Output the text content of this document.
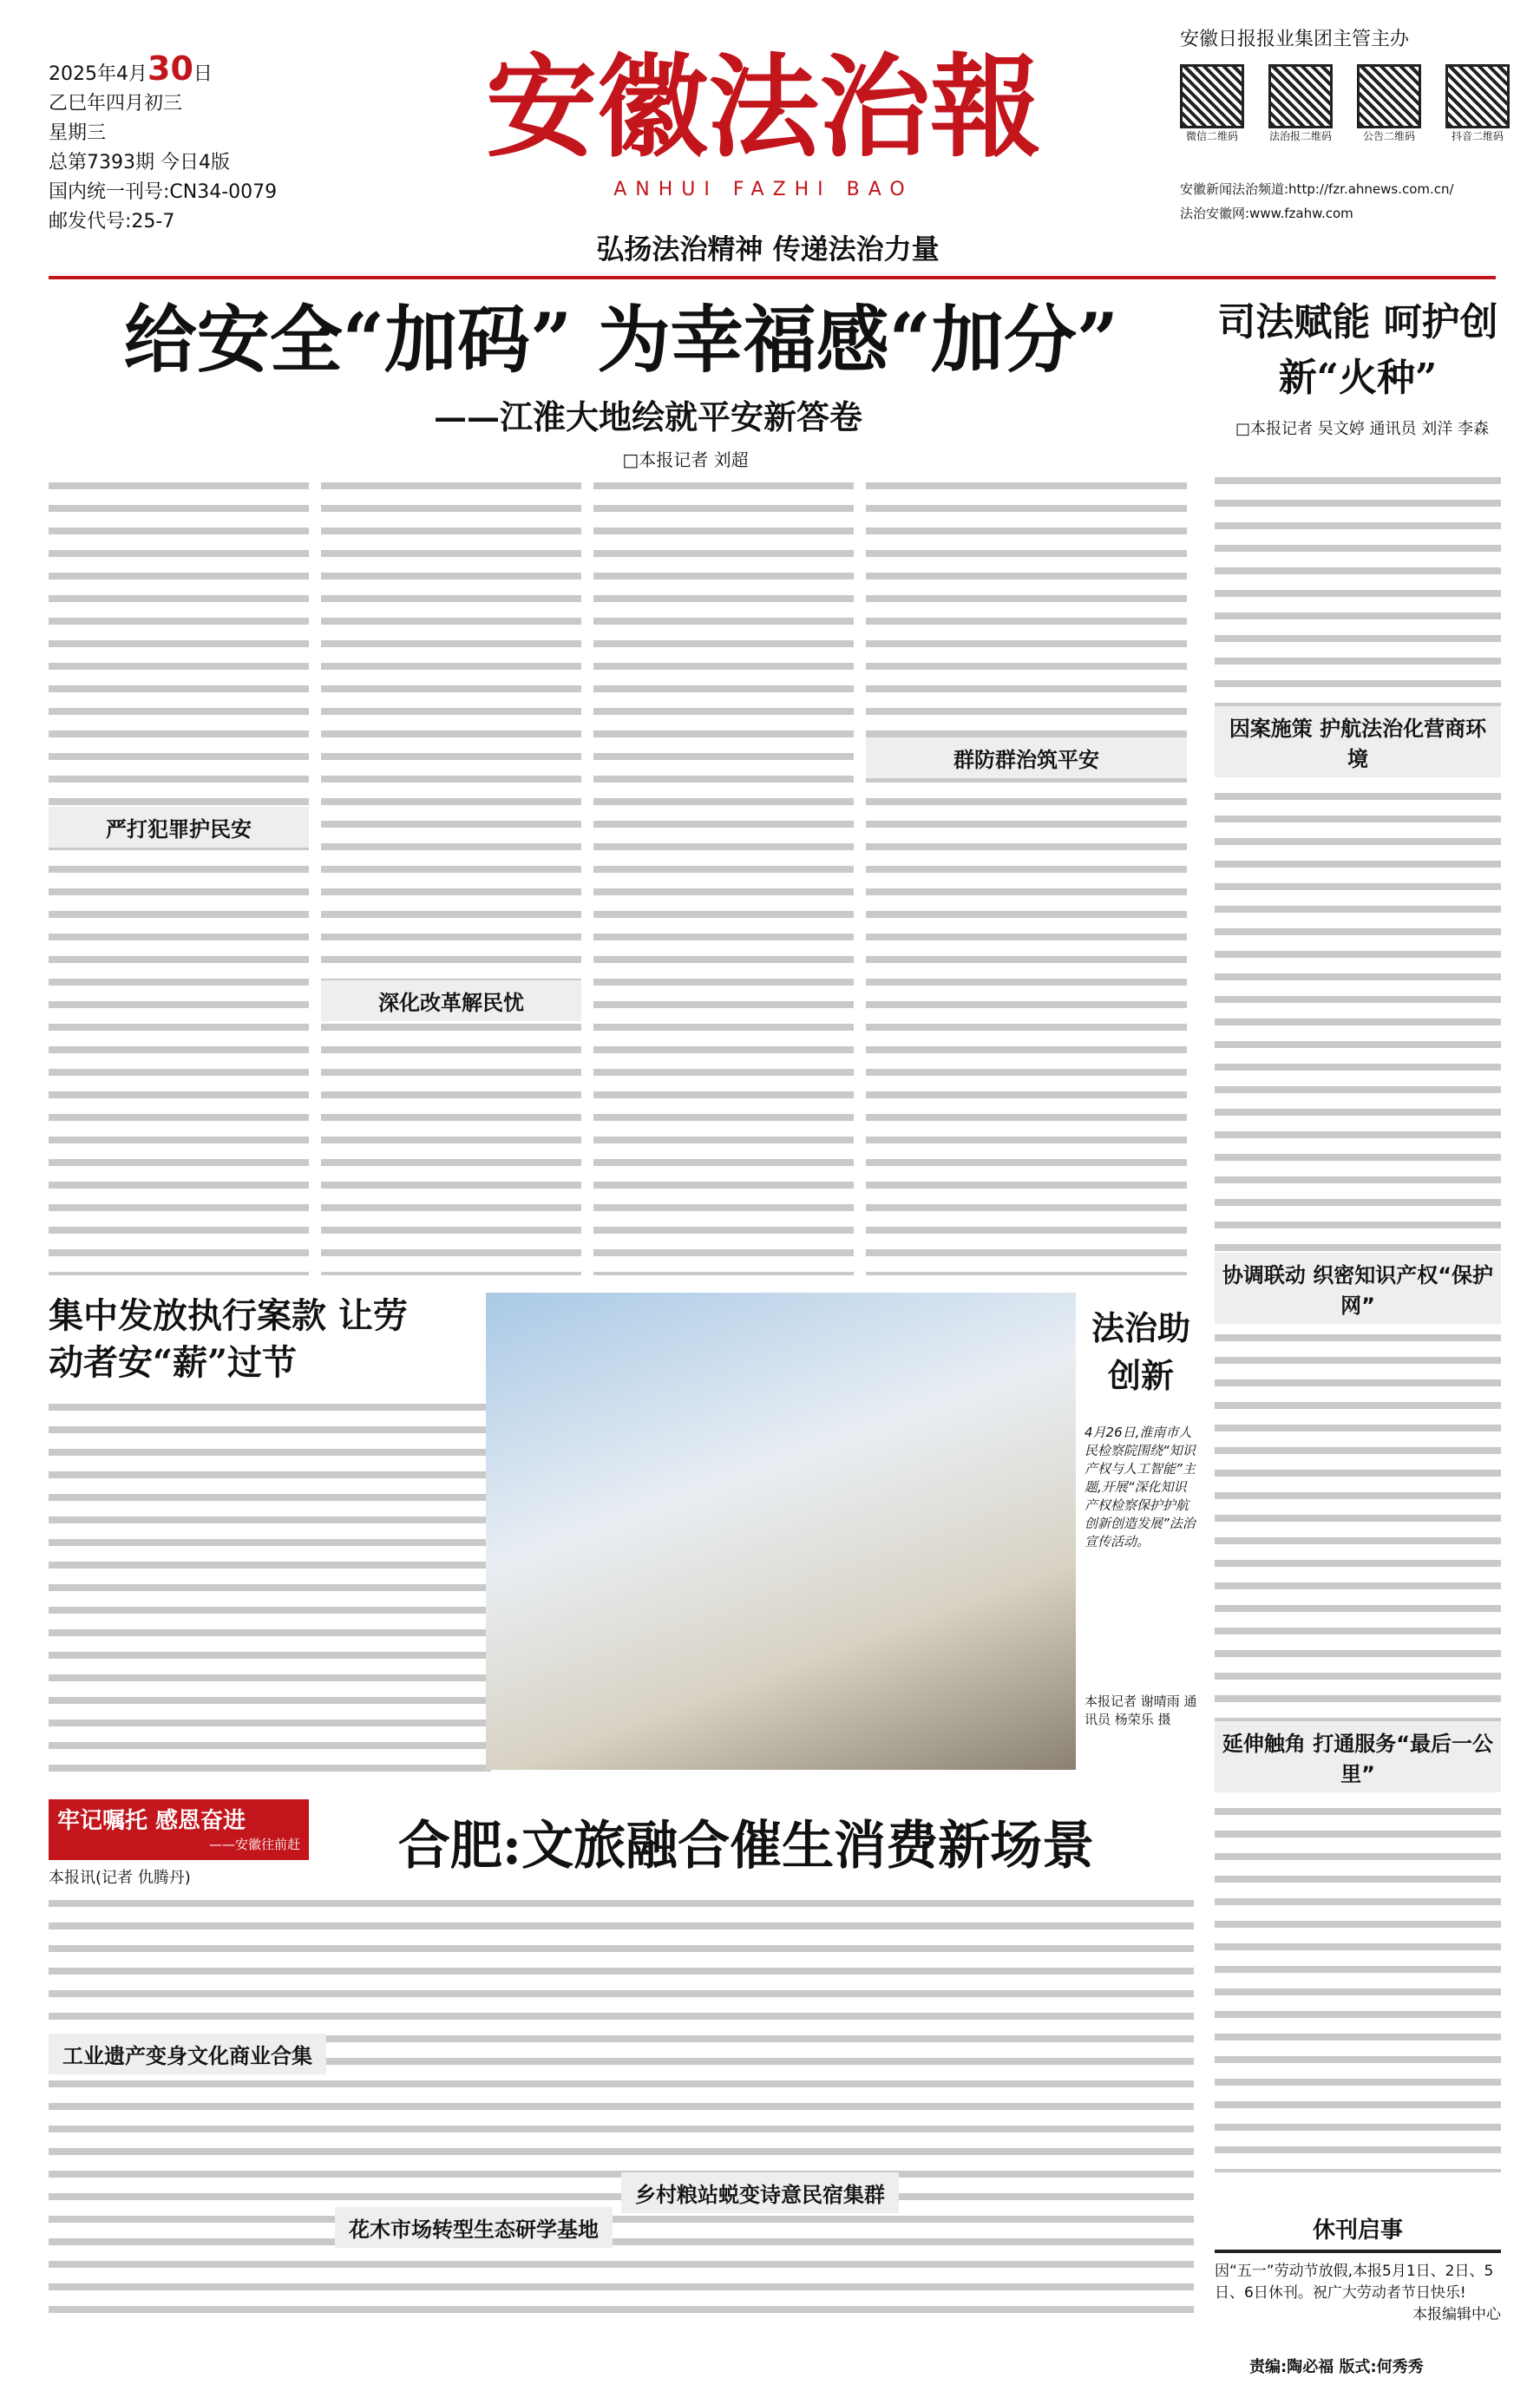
2025年4月30日
乙巳年四月初三
星期三
总第7393期 今日4版
国内统一刊号:CN34-0079
邮发代号:25-7
安徽法治報
ANHUI FAZHI BAO
弘扬法治精神 传递法治力量
安徽日报报业集团主管主办
微信二维码	法治报二维码	公告二维码	抖音二维码
安徽新闻法治频道:http://fzr.ahnews.com.cn/
法治安徽网:www.fzahw.com
给安全“加码” 为幸福感“加分”
——江淮大地绘就平安新答卷
□本报记者 刘超
严打犯罪护民安
深化改革解民忧
群防群治筑平安
司法赋能 呵护创新“火种”
□本报记者 吴文婷 通讯员 刘洋 李森
因案施策 护航法治化营商环境
协调联动 织密知识产权“保护网”
延伸触角 打通服务“最后一公里”
休刊启事
因“五一”劳动节放假,本报5月1日、2日、5日、6日休刊。祝广大劳动者节日快乐!
本报编辑中心
集中发放执行案款 让劳动者安“薪”过节
法治助创新
4月26日,淮南市人民检察院围绕“知识产权与人工智能”主题,开展“深化知识产权检察保护护航创新创造发展”法治宣传活动。
本报记者 谢晴雨 通讯员 杨荣乐 摄
牢记嘱托 感恩奋进
——安徽往前赶	合肥:文旅融合催生消费新场景
本报讯(记者 仇腾丹)
工业遗产变身文化商业合集
花木市场转型生态研学基地
乡村粮站蜕变诗意民宿集群
责编:陶必福 版式:何秀秀
